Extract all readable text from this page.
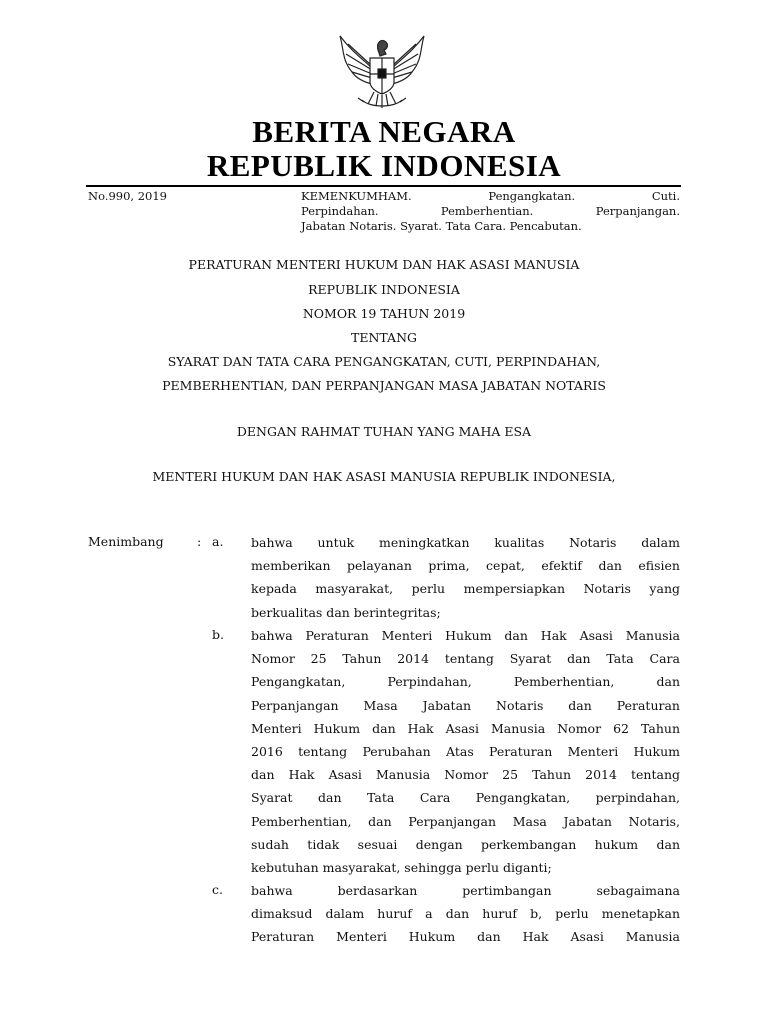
BERITA NEGARA
REPUBLIK INDONESIA
No.990, 2019	KEMENKUMHAM. Pengangkatan. Cuti.
Perpindahan. Pemberhentian. Perpanjangan.
Jabatan Notaris. Syarat. Tata Cara. Pencabutan.
PERATURAN MENTERI HUKUM DAN HAK ASASI MANUSIA
REPUBLIK INDONESIA
NOMOR 19 TAHUN 2019
TENTANG
SYARAT DAN TATA CARA PENGANGKATAN, CUTI, PERPINDAHAN,
PEMBERHENTIAN, DAN PERPANJANGAN MASA JABATAN NOTARIS
DENGAN RAHMAT TUHAN YANG MAHA ESA
MENTERI HUKUM DAN HAK ASASI MANUSIA REPUBLIK INDONESIA,
Menimbang	: a. bahwa untuk meningkatkan kualitas Notaris dalam
memberikan pelayanan prima, cepat, efektif dan efisien
kepada masyarakat, perlu mempersiapkan Notaris yang
berkualitas dan berintegritas;
b. bahwa Peraturan Menteri Hukum dan Hak Asasi Manusia
Nomor 25 Tahun 2014 tentang Syarat dan Tata Cara
Pengangkatan, Perpindahan, Pemberhentian, dan
Perpanjangan Masa Jabatan Notaris dan Peraturan
Menteri Hukum dan Hak Asasi Manusia Nomor 62 Tahun
2016 tentang Perubahan Atas Peraturan Menteri Hukum
dan Hak Asasi Manusia Nomor 25 Tahun 2014 tentang
Syarat dan Tata Cara Pengangkatan, perpindahan,
Pemberhentian, dan Perpanjangan Masa Jabatan Notaris,
sudah tidak sesuai dengan perkembangan hukum dan
kebutuhan masyarakat, sehingga perlu diganti;
c. bahwa berdasarkan pertimbangan sebagaimana
dimaksud dalam huruf a dan huruf b, perlu menetapkan
Peraturan Menteri Hukum dan Hak Asasi Manusia
